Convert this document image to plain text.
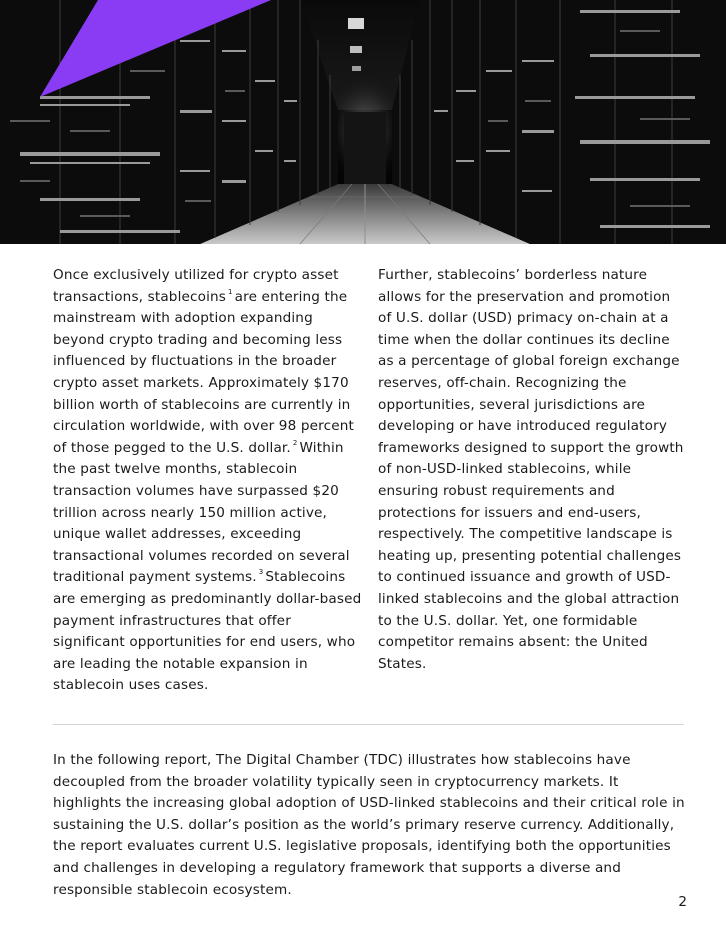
Once exclusively utilized for crypto asset transactions, stablecoins $^1$ are entering the mainstream with adoption expanding beyond crypto trading and becoming less influenced by fluctuations in the broader crypto asset markets. Approximately $170 billion worth of stablecoins are currently in circulation worldwide, with over 98 percent of those pegged to the U.S. dollar. $^2$ Within the past twelve months, stablecoin transaction volumes have surpassed $20 trillion across nearly 150 million active, unique wallet addresses, exceeding transactional volumes recorded on several traditional payment systems. $^3$ Stablecoins are emerging as predominantly dollar-based payment infrastructures that offer significant opportunities for end users, who are leading the notable expansion in stablecoin uses cases.

Further, stablecoins’ borderless nature allows for the preservation and promotion of U.S. dollar (USD) primacy on-chain at a time when the dollar continues its decline as a percentage of global foreign exchange reserves, off-chain. Recognizing the opportunities, several jurisdictions are developing or have introduced regulatory frameworks designed to support the growth of non-USD-linked stablecoins, while ensuring robust requirements and protections for issuers and end-users, respectively. The competitive landscape is heating up, presenting potential challenges to continued issuance and growth of USD-linked stablecoins and the global attraction to the U.S. dollar. Yet, one formidable competitor remains absent: the United States.

In the following report, The Digital Chamber (TDC) illustrates how stablecoins have decoupled from the broader volatility typically seen in cryptocurrency markets. It highlights the increasing global adoption of USD-linked stablecoins and their critical role in sustaining the U.S. dollar’s position as the world’s primary reserve currency. Additionally, the report evaluates current U.S. legislative proposals, identifying both the opportunities and challenges in developing a regulatory framework that supports a diverse and responsible stablecoin ecosystem.

2
